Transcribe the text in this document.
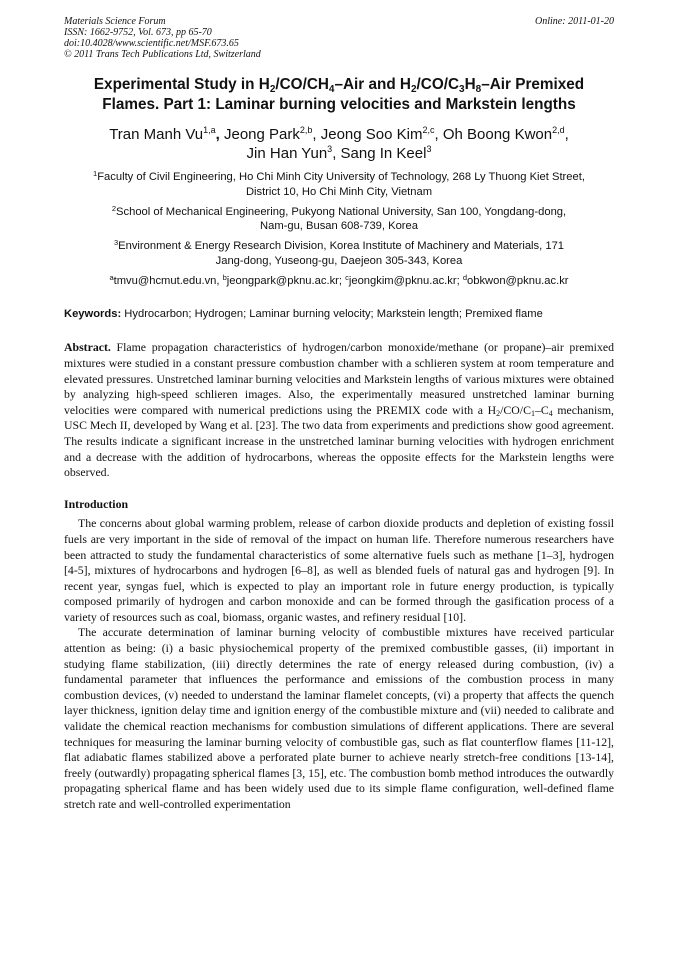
Materials Science Forum	Online: 2011-01-20
ISSN: 1662-9752, Vol. 673, pp 65-70
doi:10.4028/www.scientific.net/MSF.673.65
© 2011 Trans Tech Publications Ltd, Switzerland
Experimental Study in $H_2/CO/CH_4$–Air and $H_2/CO/C_3H_8$–Air Premixed
Flames. Part 1: Laminar burning velocities and Markstein lengths
Tran Manh Vu$^{1,a}$, Jeong Park$^{2,b}$, Jeong Soo Kim$^{2,c}$, Oh Boong Kwon$^{2,d}$,
Jin Han Yun$^3$, Sang In Keel$^3$
$^1$Faculty of Civil Engineering, Ho Chi Minh City University of Technology, 268 Ly Thuong Kiet Street,
District 10, Ho Chi Minh City, Vietnam
$^2$School of Mechanical Engineering, Pukyong National University, San 100, Yongdang-dong,
Nam-gu, Busan 608-739, Korea
$^3$Environment & Energy Research Division, Korea Institute of Machinery and Materials, 171
Jang-dong, Yuseong-gu, Daejeon 305-343, Korea
$^a$tmvu@hcmut.edu.vn, $^b$jeongpark@pknu.ac.kr; $^c$jeongkim@pknu.ac.kr; $^d$obkwon@pknu.ac.kr
Keywords: Hydrocarbon; Hydrogen; Laminar burning velocity; Markstein length; Premixed flame
Abstract. Flame propagation characteristics of hydrogen/carbon monoxide/methane (or propane)–air premixed mixtures were studied in a constant pressure combustion chamber with a schlieren system at room temperature and elevated pressures. Unstretched laminar burning velocities and Markstein lengths of various mixtures were obtained by analyzing high-speed schlieren images. Also, the experimentally measured unstretched laminar burning velocities were compared with numerical predictions using the PREMIX code with a $H_2/CO/C_1-C_4$ mechanism, USC Mech II, developed by Wang et al. [23]. The two data from experiments and predictions show good agreement. The results indicate a significant increase in the unstretched laminar burning velocities with hydrogen enrichment and a decrease with the addition of hydrocarbons, whereas the opposite effects for the Markstein lengths were observed.
Introduction

The concerns about global warming problem, release of carbon dioxide products and depletion of existing fossil fuels are very important in the side of removal of the impact on human life. Therefore numerous researchers have been attracted to study the fundamental characteristics of some alternative fuels such as methane [1–3], hydrogen [4-5], mixtures of hydrocarbons and hydrogen [6–8], as well as blended fuels of natural gas and hydrogen [9]. In recent year, syngas fuel, which is expected to play an important role in future energy production, is typically composed primarily of hydrogen and carbon monoxide and can be formed through the gasification process of a variety of resources such as coal, biomass, organic wastes, and refinery residual [10].

The accurate determination of laminar burning velocity of combustible mixtures have received particular attention as being: (i) a basic physiochemical property of the premixed combustible gasses, (ii) important in studying flame stabilization, (iii) directly determines the rate of energy released during combustion, (iv) a fundamental parameter that influences the performance and emissions of the combustion process in many combustion devices, (v) needed to understand the laminar flamelet concepts, (vi) a property that affects the quench layer thickness, ignition delay time and ignition energy of the combustible mixture and (vii) needed to calibrate and validate the chemical reaction mechanisms for combustion simulations of different applications. There are several techniques for measuring the laminar burning velocity of combustible gas, such as flat counterflow flames [11-12], flat adiabatic flames stabilized above a perforated plate burner to achieve nearly stretch-free conditions [13-14], freely (outwardly) propagating spherical flames [3, 15], etc. The combustion bomb method introduces the outwardly propagating spherical flame and has been widely used due to its simple flame configuration, well-defined flame stretch rate and well-controlled experimentation
